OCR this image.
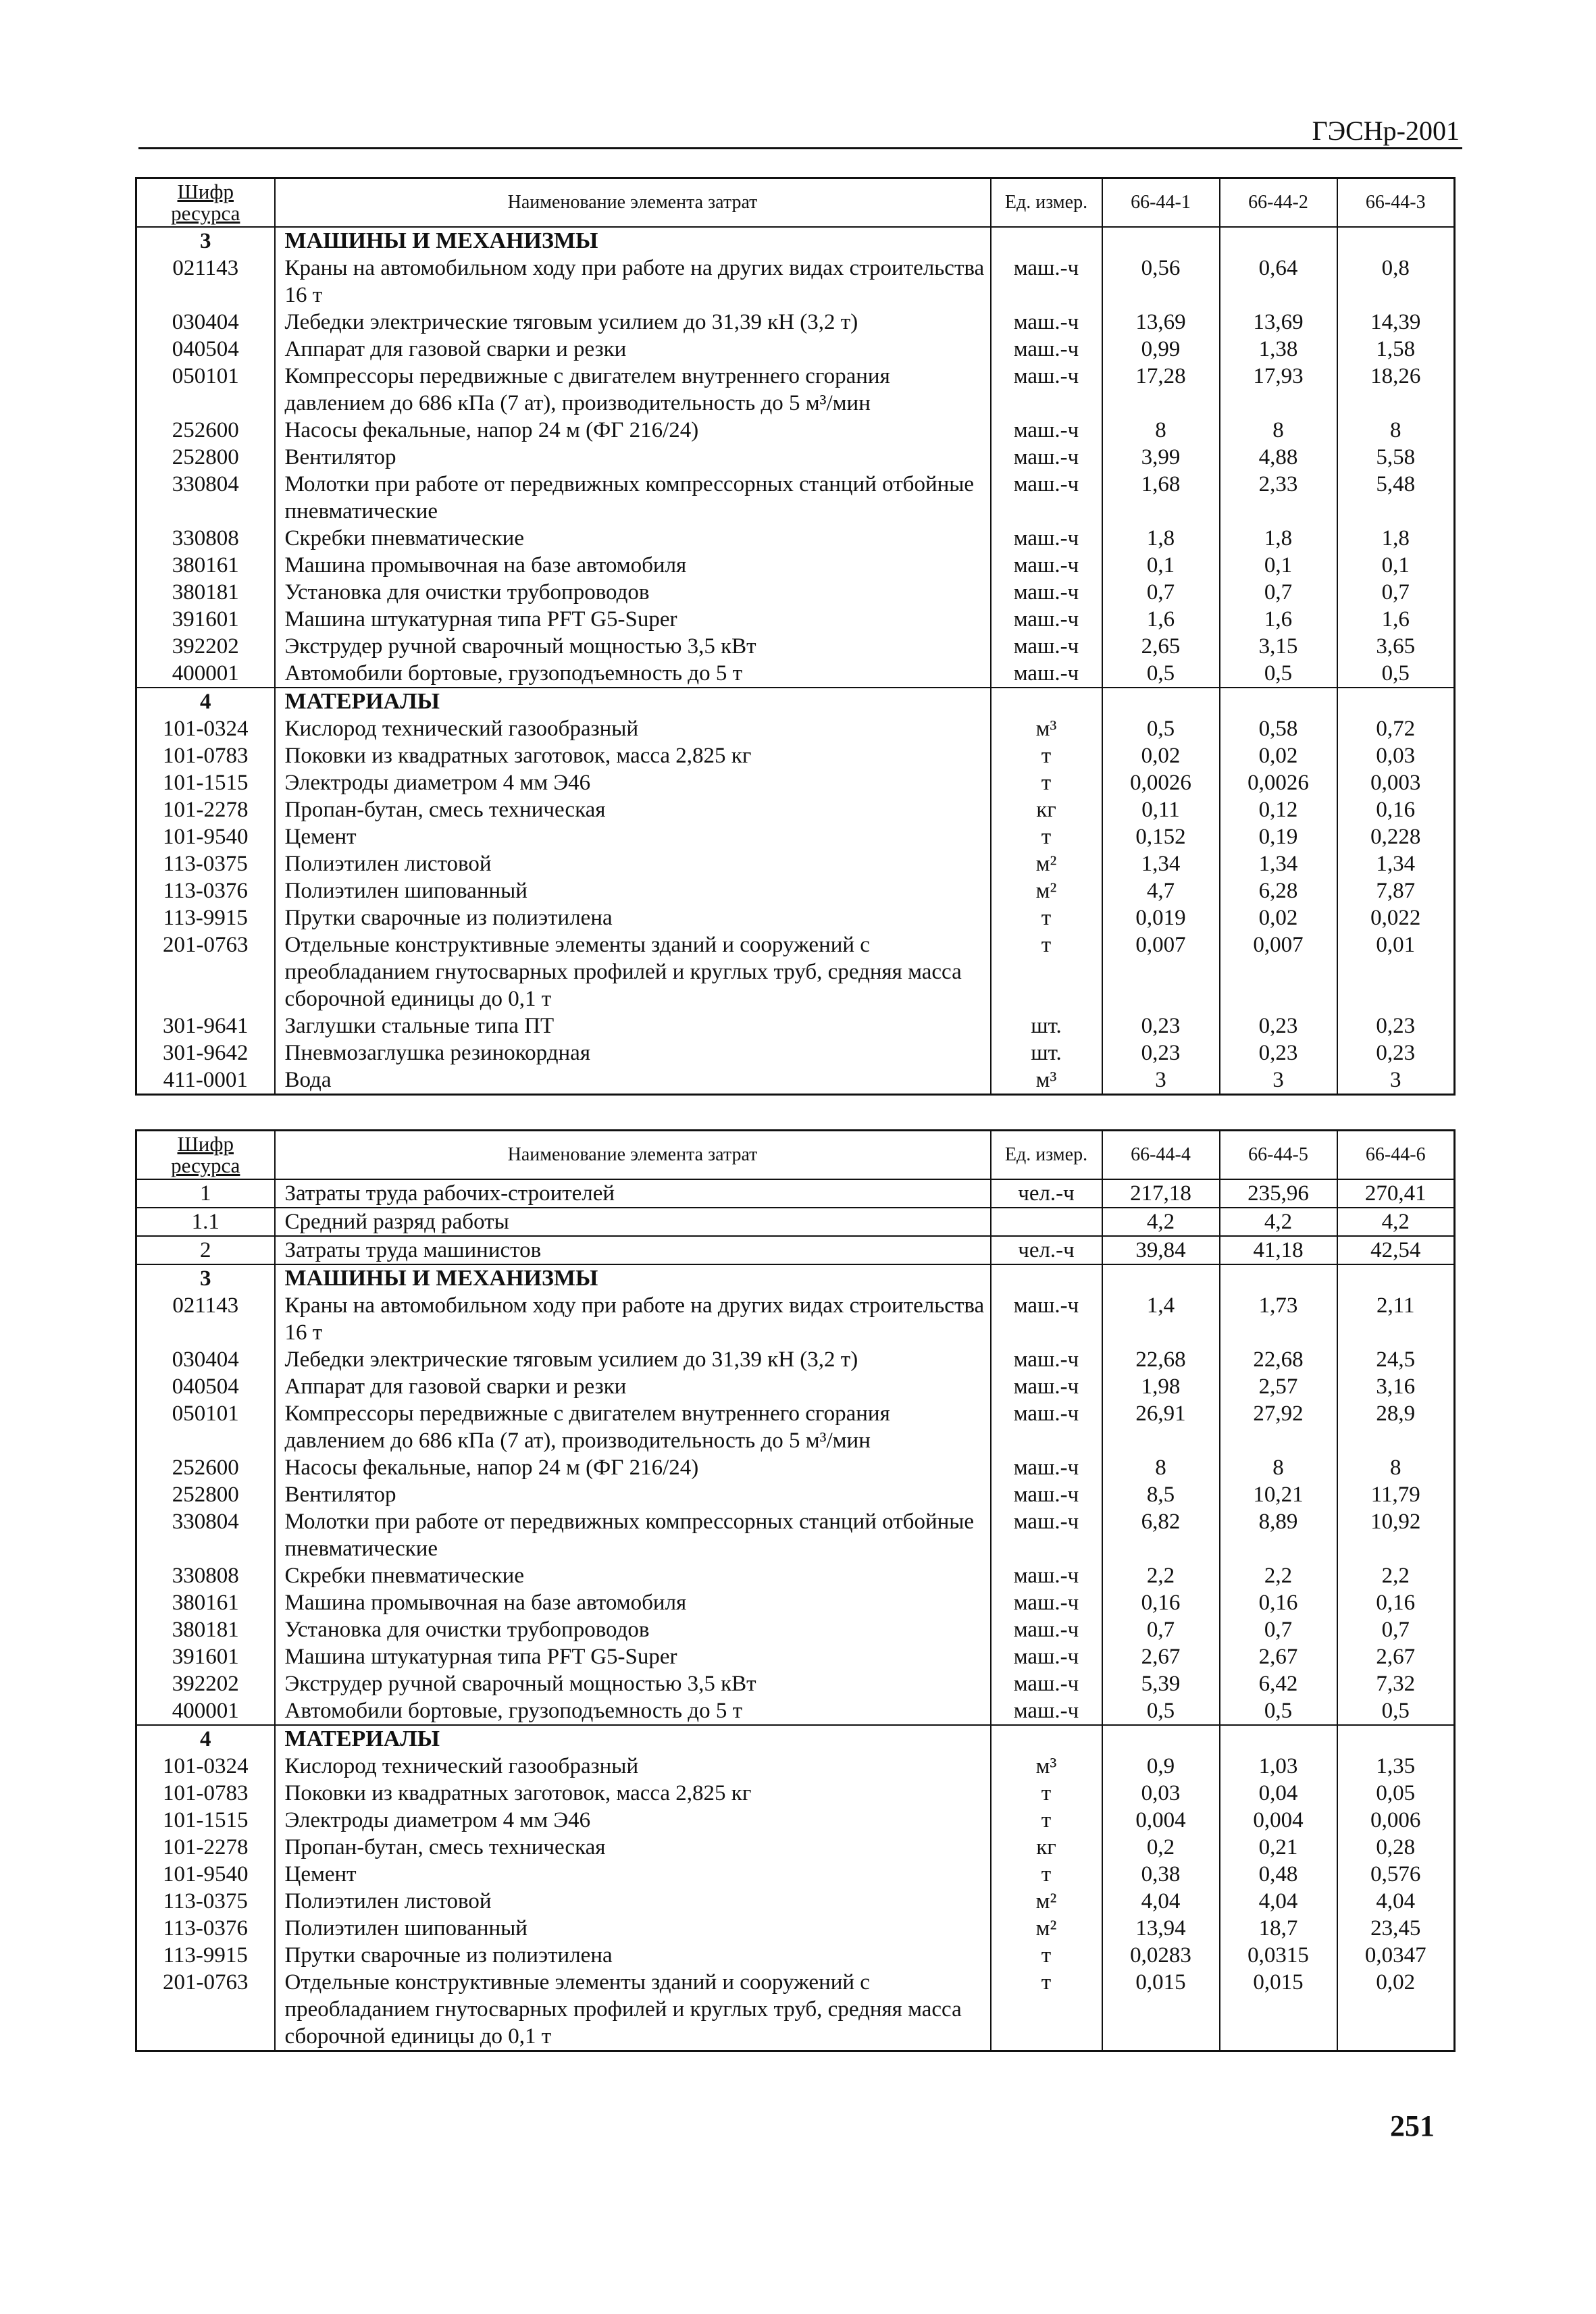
ГЭСНр-2001
Шифр
ресурса	Наименование элемента затрат	Ед. измер.	66-44-1	66-44-2	66-44-3
3	МАШИНЫ И МЕХАНИЗМЫ				
021143	Краны на автомобильном ходу при работе на других видах строительства 16 т	маш.-ч	0,56	0,64	0,8
030404	Лебедки электрические тяговым усилием до 31,39 кН (3,2 т)	маш.-ч	13,69	13,69	14,39
040504	Аппарат для газовой сварки и резки	маш.-ч	0,99	1,38	1,58
050101	Компрессоры передвижные с двигателем внутреннего сгорания давлением до 686 кПа (7 ат), производительность до 5 м³/мин	маш.-ч	17,28	17,93	18,26
252600	Насосы фекальные, напор 24 м (ФГ 216/24)	маш.-ч	8	8	8
252800	Вентилятор	маш.-ч	3,99	4,88	5,58
330804	Молотки при работе от передвижных компрессорных станций отбойные пневматические	маш.-ч	1,68	2,33	5,48
330808	Скребки пневматические	маш.-ч	1,8	1,8	1,8
380161	Машина промывочная на базе автомобиля	маш.-ч	0,1	0,1	0,1
380181	Установка для очистки трубопроводов	маш.-ч	0,7	0,7	0,7
391601	Машина штукатурная типа PFT G5-Super	маш.-ч	1,6	1,6	1,6
392202	Экструдер ручной сварочный мощностью 3,5 кВт	маш.-ч	2,65	3,15	3,65
400001	Автомобили бортовые, грузоподъемность до 5 т	маш.-ч	0,5	0,5	0,5
4	МАТЕРИАЛЫ				
101-0324	Кислород технический газообразный	м³	0,5	0,58	0,72
101-0783	Поковки из квадратных заготовок, масса 2,825 кг	т	0,02	0,02	0,03
101-1515	Электроды диаметром 4 мм Э46	т	0,0026	0,0026	0,003
101-2278	Пропан-бутан, смесь техническая	кг	0,11	0,12	0,16
101-9540	Цемент	т	0,152	0,19	0,228
113-0375	Полиэтилен листовой	м²	1,34	1,34	1,34
113-0376	Полиэтилен шипованный	м²	4,7	6,28	7,87
113-9915	Прутки сварочные из полиэтилена	т	0,019	0,02	0,022
201-0763	Отдельные конструктивные элементы зданий и сооружений с преобладанием гнутосварных профилей и круглых труб, средняя масса сборочной единицы до 0,1 т	т	0,007	0,007	0,01
301-9641	Заглушки стальные типа ПТ	шт.	0,23	0,23	0,23
301-9642	Пневмозаглушка резинокордная	шт.	0,23	0,23	0,23
411-0001	Вода	м³	3	3	3
Шифр
ресурса	Наименование элемента затрат	Ед. измер.	66-44-4	66-44-5	66-44-6
1	Затраты труда рабочих-строителей	чел.-ч	217,18	235,96	270,41
1.1	Средний разряд работы		4,2	4,2	4,2
2	Затраты труда машинистов	чел.-ч	39,84	41,18	42,54
3	МАШИНЫ И МЕХАНИЗМЫ				
021143	Краны на автомобильном ходу при работе на других видах строительства 16 т	маш.-ч	1,4	1,73	2,11
030404	Лебедки электрические тяговым усилием до 31,39 кН (3,2 т)	маш.-ч	22,68	22,68	24,5
040504	Аппарат для газовой сварки и резки	маш.-ч	1,98	2,57	3,16
050101	Компрессоры передвижные с двигателем внутреннего сгорания давлением до 686 кПа (7 ат), производительность до 5 м³/мин	маш.-ч	26,91	27,92	28,9
252600	Насосы фекальные, напор 24 м (ФГ 216/24)	маш.-ч	8	8	8
252800	Вентилятор	маш.-ч	8,5	10,21	11,79
330804	Молотки при работе от передвижных компрессорных станций отбойные пневматические	маш.-ч	6,82	8,89	10,92
330808	Скребки пневматические	маш.-ч	2,2	2,2	2,2
380161	Машина промывочная на базе автомобиля	маш.-ч	0,16	0,16	0,16
380181	Установка для очистки трубопроводов	маш.-ч	0,7	0,7	0,7
391601	Машина штукатурная типа PFT G5-Super	маш.-ч	2,67	2,67	2,67
392202	Экструдер ручной сварочный мощностью 3,5 кВт	маш.-ч	5,39	6,42	7,32
400001	Автомобили бортовые, грузоподъемность до 5 т	маш.-ч	0,5	0,5	0,5
4	МАТЕРИАЛЫ				
101-0324	Кислород технический газообразный	м³	0,9	1,03	1,35
101-0783	Поковки из квадратных заготовок, масса 2,825 кг	т	0,03	0,04	0,05
101-1515	Электроды диаметром 4 мм Э46	т	0,004	0,004	0,006
101-2278	Пропан-бутан, смесь техническая	кг	0,2	0,21	0,28
101-9540	Цемент	т	0,38	0,48	0,576
113-0375	Полиэтилен листовой	м²	4,04	4,04	4,04
113-0376	Полиэтилен шипованный	м²	13,94	18,7	23,45
113-9915	Прутки сварочные из полиэтилена	т	0,0283	0,0315	0,0347
201-0763	Отдельные конструктивные элементы зданий и сооружений с преобладанием гнутосварных профилей и круглых труб, средняя масса сборочной единицы до 0,1 т	т	0,015	0,015	0,02
251
